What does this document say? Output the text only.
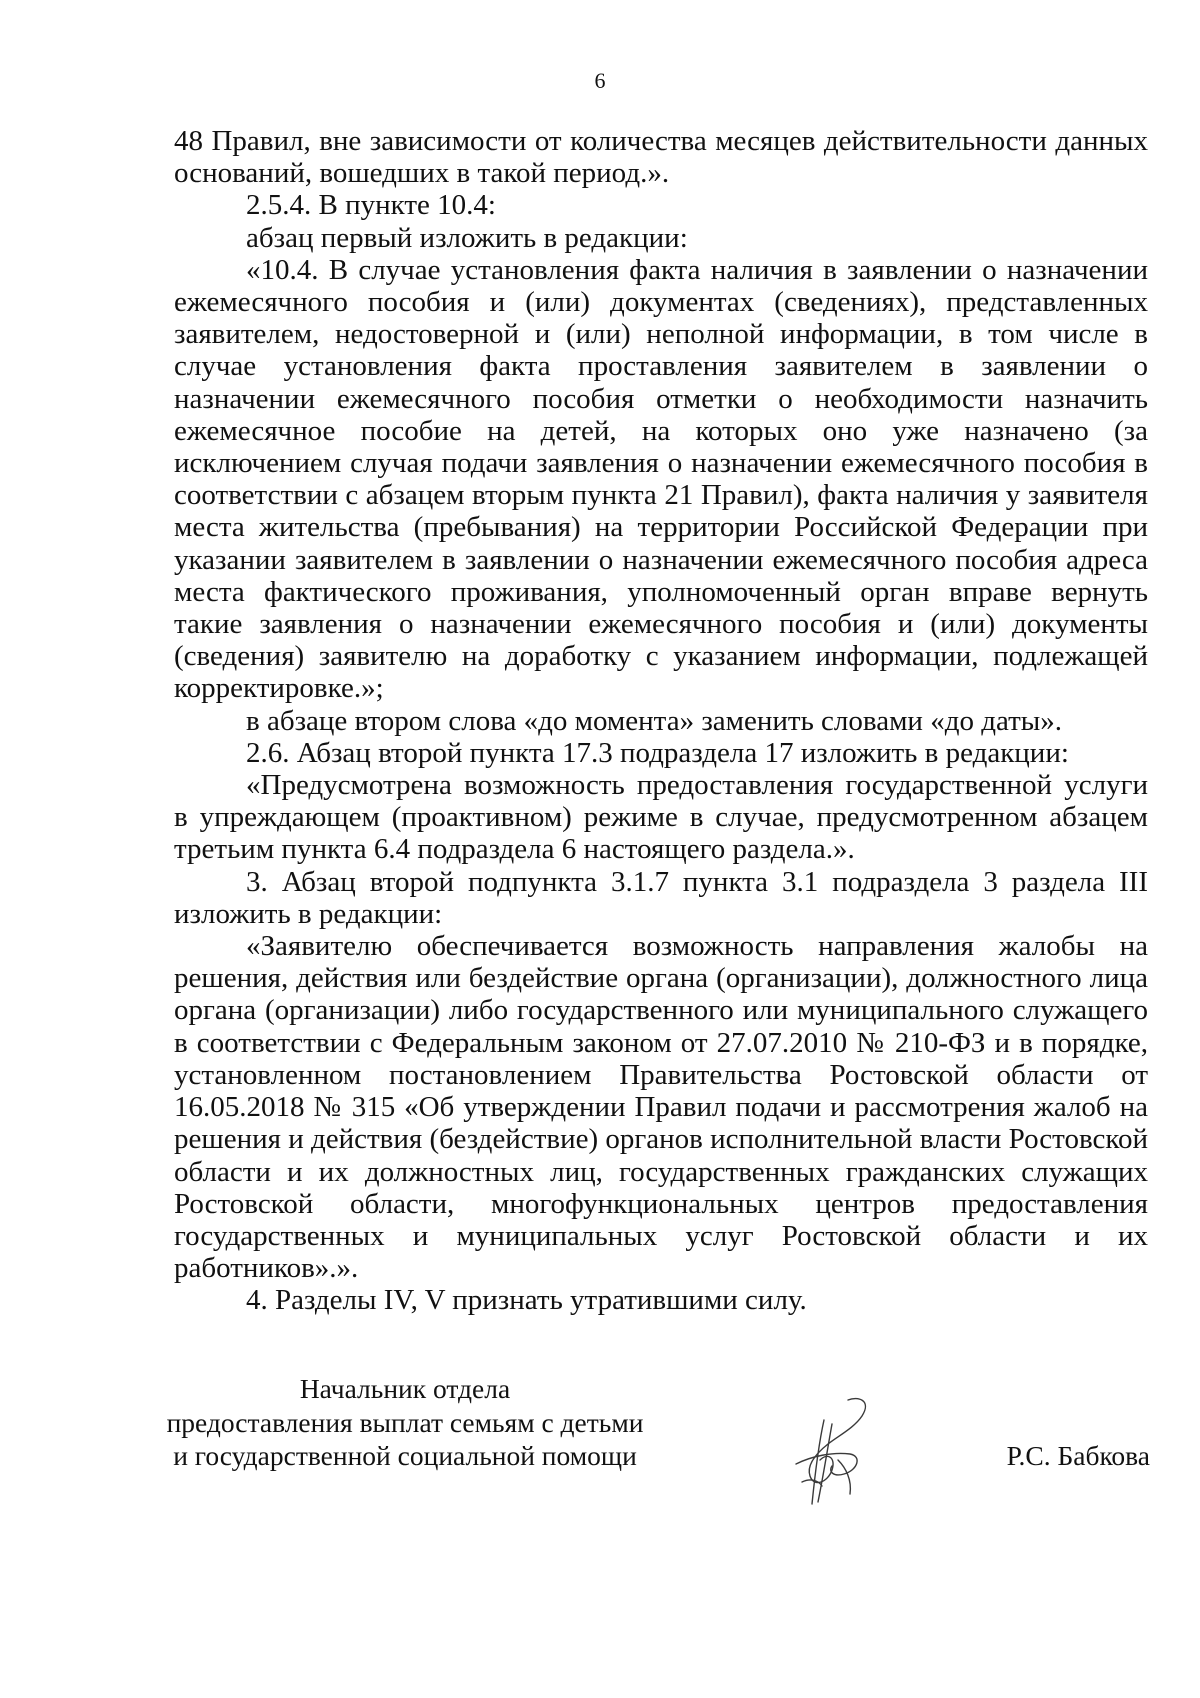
6

48 Правил, вне зависимости от количества месяцев действительности данных оснований, вошедших в такой период.».

2.5.4. В пункте 10.4:

абзац первый изложить в редакции:

«10.4. В случае установления факта наличия в заявлении о назначении ежемесячного пособия и (или) документах (сведениях), представленных заявителем, недостоверной и (или) неполной информации, в том числе в случае установления факта проставления заявителем в заявлении о назначении ежемесячного пособия отметки о необходимости назначить ежемесячное пособие на детей, на которых оно уже назначено (за исключением случая подачи заявления о назначении ежемесячного пособия в соответствии с абзацем вторым пункта 21 Правил), факта наличия у заявителя места жительства (пребывания) на территории Российской Федерации при указании заявителем в заявлении о назначении ежемесячного пособия адреса места фактического проживания, уполномоченный орган вправе вернуть такие заявления о назначении ежемесячного пособия и (или) документы (сведения) заявителю на доработку с указанием информации, подлежащей корректировке.»;

в абзаце втором слова «до момента» заменить словами «до даты».

2.6. Абзац второй пункта 17.3 подраздела 17 изложить в редакции:

«Предусмотрена возможность предоставления государственной услуги в упреждающем (проактивном) режиме в случае, предусмотренном абзацем третьим пункта 6.4 подраздела 6 настоящего раздела.».

3. Абзац второй подпункта 3.1.7 пункта 3.1 подраздела 3 раздела III изложить в редакции:

«Заявителю обеспечивается возможность направления жалобы на решения, действия или бездействие органа (организации), должностного лица органа (организации) либо государственного или муниципального служащего в соответствии с Федеральным законом от 27.07.2010 № 210-ФЗ и в порядке, установленном постановлением Правительства Ростовской области от 16.05.2018 № 315 «Об утверждении Правил подачи и рассмотрения жалоб на решения и действия (бездействие) органов исполнительной власти Ростовской области и их должностных лиц, государственных гражданских служащих Ростовской области, многофункциональных центров предоставления государственных и муниципальных услуг Ростовской области и их работников».».

4. Разделы IV, V признать утратившими силу.

Начальник отдела
предоставления выплат семьям с детьми
и государственной социальной помощи	Р.С. Бабкова
